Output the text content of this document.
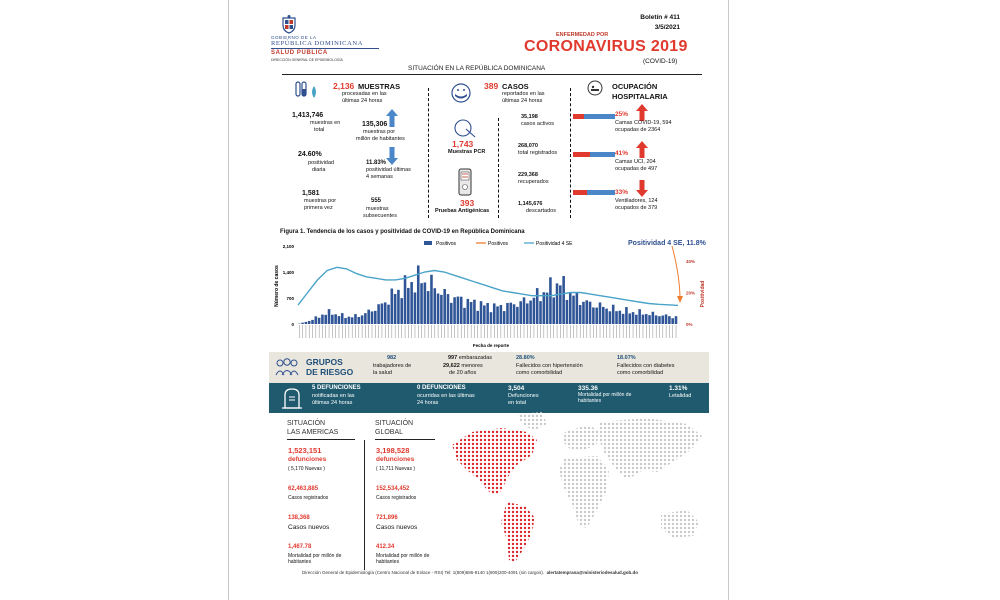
GOBIERNO DE LA
REPÚBLICA DOMINICANA
SALUD PÚBLICA
DIRECCIÓN GENERAL DE EPIDEMIOLOGÍA
Boletín # 411
3/5/2021
ENFERMEDAD POR
CORONAVIRUS 2019
(COVID-19)
SITUACIÓN EN LA REPÚBLICA DOMINICANA
2,136 MUESTRAS
procesadas en las
últimas 24 horas
1,413,746
muestras en
total
135,306
muestras por
millón de habitantes
24.60%
positividad
diaria
11.83%
positividad últimas
4 semanas
1,581
muestras por
primera vez
555
muestras
subsecuentes
389 CASOS
reportados en las
últimas 24 horas
1,743
Muestras PCR
393
Pruebas Antigénicas
35,198
casos activos
268,070
total registrados
229,368
recuperados
1,145,676
descartados
OCUPACIÓN
HOSPITALARIA
25%
Camas COVID-19, 594
ocupadas de 2364
41%
Camas UCI, 204
ocupadas de 497
33%
Ventiladores, 124
ocupados de 379
Figura 1. Tendencia de los casos y positividad de COVID-19 en República Dominicana
Positividad 4 SE, 11.8%
Positivos	Positivos	Positividad 4 SE
2,100
1,400
700
0
40%
20%
0%
Número de casos	Positividad
Fecha de reporte
GRUPOS
DE RIESGO
982
trabajadores de
la salud
997 embarazadas
29,622 menores
de 20 años
28.80%
Fallecidos con hipertensión
como comorbilidad
18.07%
Fallecidos con diabetes
como comorbilidad
5 DEFUNCIONES
notificadas en las
últimas 24 horas
0 DEFUNCIONES
ocurridas en las últimas
24 horas
3,504
Defunciones
en total
335.36
Mortalidad por millón de
habitantes
1.31%
Letalidad
SITUACIÓN
LAS AMERICAS
1,523,151
defunciones
( 5,170 Nuevas )
62,463,885
Casos registrados
138,368
Casos nuevos
1,467.78
Mortalidad por millón de
habitantes
SITUACIÓN
GLOBAL
3,198,528
defunciones
( 11,711 Nuevas )
152,534,452
Casos registrados
721,896
Casos nuevos
412.34
Mortalidad por millón de
habitantes
Dirección General de Epidemiología (Centro Nacional de Enlace - RSI) Tel: 1(809)686-9140 1(809)200-4091 (sin cargos). alertatemprana@ministeriodesalud.gob.do
